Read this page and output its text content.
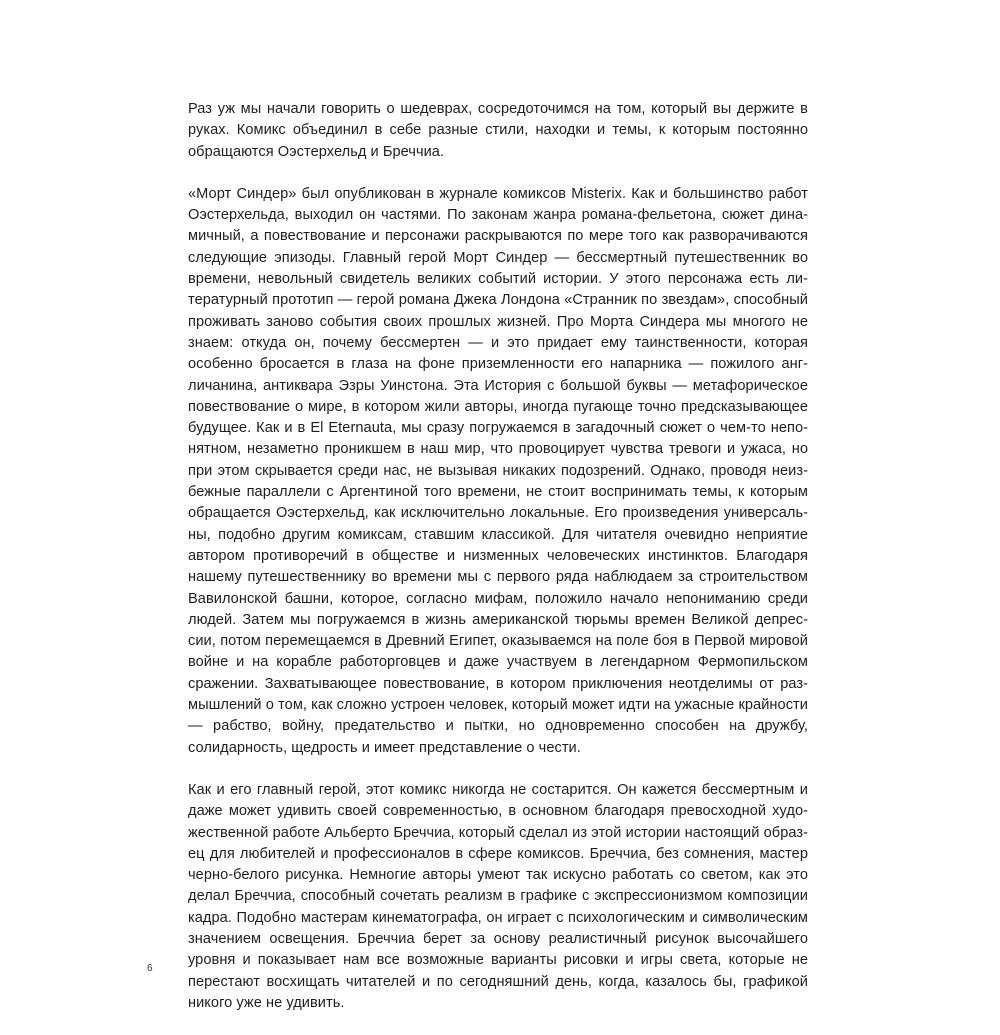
Раз уж мы начали говорить о шедеврах, сосредоточимся на том, который вы держите в руках. Комикс объединил в себе разные стили, находки и темы, к которым постоянно обращаются Оэстерхельд и Бреччиа.

«Морт Синдер» был опубликован в журнале комиксов Misterix. Как и большинство работ Оэстерхельда, выходил он частями. По законам жанра романа-фельетона, сюжет динамичный, а повествование и персонажи раскрываются по мере того как разворачиваются следующие эпизоды. Главный герой Морт Синдер — бессмертный путешественник во времени, невольный свидетель великих событий истории. У этого персонажа есть литературный прототип — герой романа Джека Лондона «Странник по звездам», способный проживать заново события своих прошлых жизней. Про Морта Синдера мы многого не знаем: откуда он, почему бессмертен — и это придает ему таинственности, которая особенно бросается в глаза на фоне приземленности его напарника — пожилого англичанина, антиквара Эзры Уинстона. Эта История с большой буквы — метафорическое повествование о мире, в котором жили авторы, иногда пугающе точно предсказывающее будущее. Как и в El Eternauta, мы сразу погружаемся в загадочный сюжет о чем-то непонятном, незаметно проникшем в наш мир, что провоцирует чувства тревоги и ужаса, но при этом скрывается среди нас, не вызывая никаких подозрений. Однако, проводя неизбежные параллели с Аргентиной того времени, не стоит воспринимать темы, к которым обращается Оэстерхельд, как исключительно локальные. Его произведения универсальны, подобно другим комиксам, ставшим классикой. Для читателя очевидно неприятие автором противоречий в обществе и низменных человеческих инстинктов. Благодаря нашему путешественнику во времени мы с первого ряда наблюдаем за строительством Вавилонской башни, которое, согласно мифам, положило начало непониманию среди людей. Затем мы погружаемся в жизнь американской тюрьмы времен Великой депрессии, потом перемещаемся в Древний Египет, оказываемся на поле боя в Первой мировой войне и на корабле работорговцев и даже участвуем в легендарном Фермопильском сражении. Захватывающее повествование, в котором приключения неотделимы от размышлений о том, как сложно устроен человек, который может идти на ужасные крайности — рабство, войну, предательство и пытки, но одновременно способен на дружбу, солидарность, щедрость и имеет представление о чести.

Как и его главный герой, этот комикс никогда не состарится. Он кажется бессмертным и даже может удивить своей современностью, в основном благодаря превосходной художественной работе Альберто Бреччиа, который сделал из этой истории настоящий образец для любителей и профессионалов в сфере комиксов. Бреччиа, без сомнения, мастер черно-белого рисунка. Немногие авторы умеют так искусно работать со светом, как это делал Бреччиа, способный сочетать реализм в графике с экспрессионизмом композиции кадра. Подобно мастерам кинематографа, он играет с психологическим и символическим значением освещения. Бреччиа берет за основу реалистичный рисунок высочайшего уровня и показывает нам все возможные варианты рисовки и игры света, которые не перестают восхищать читателей и по сегодняшний день, когда, казалось бы, графикой никого уже не удивить.

6
